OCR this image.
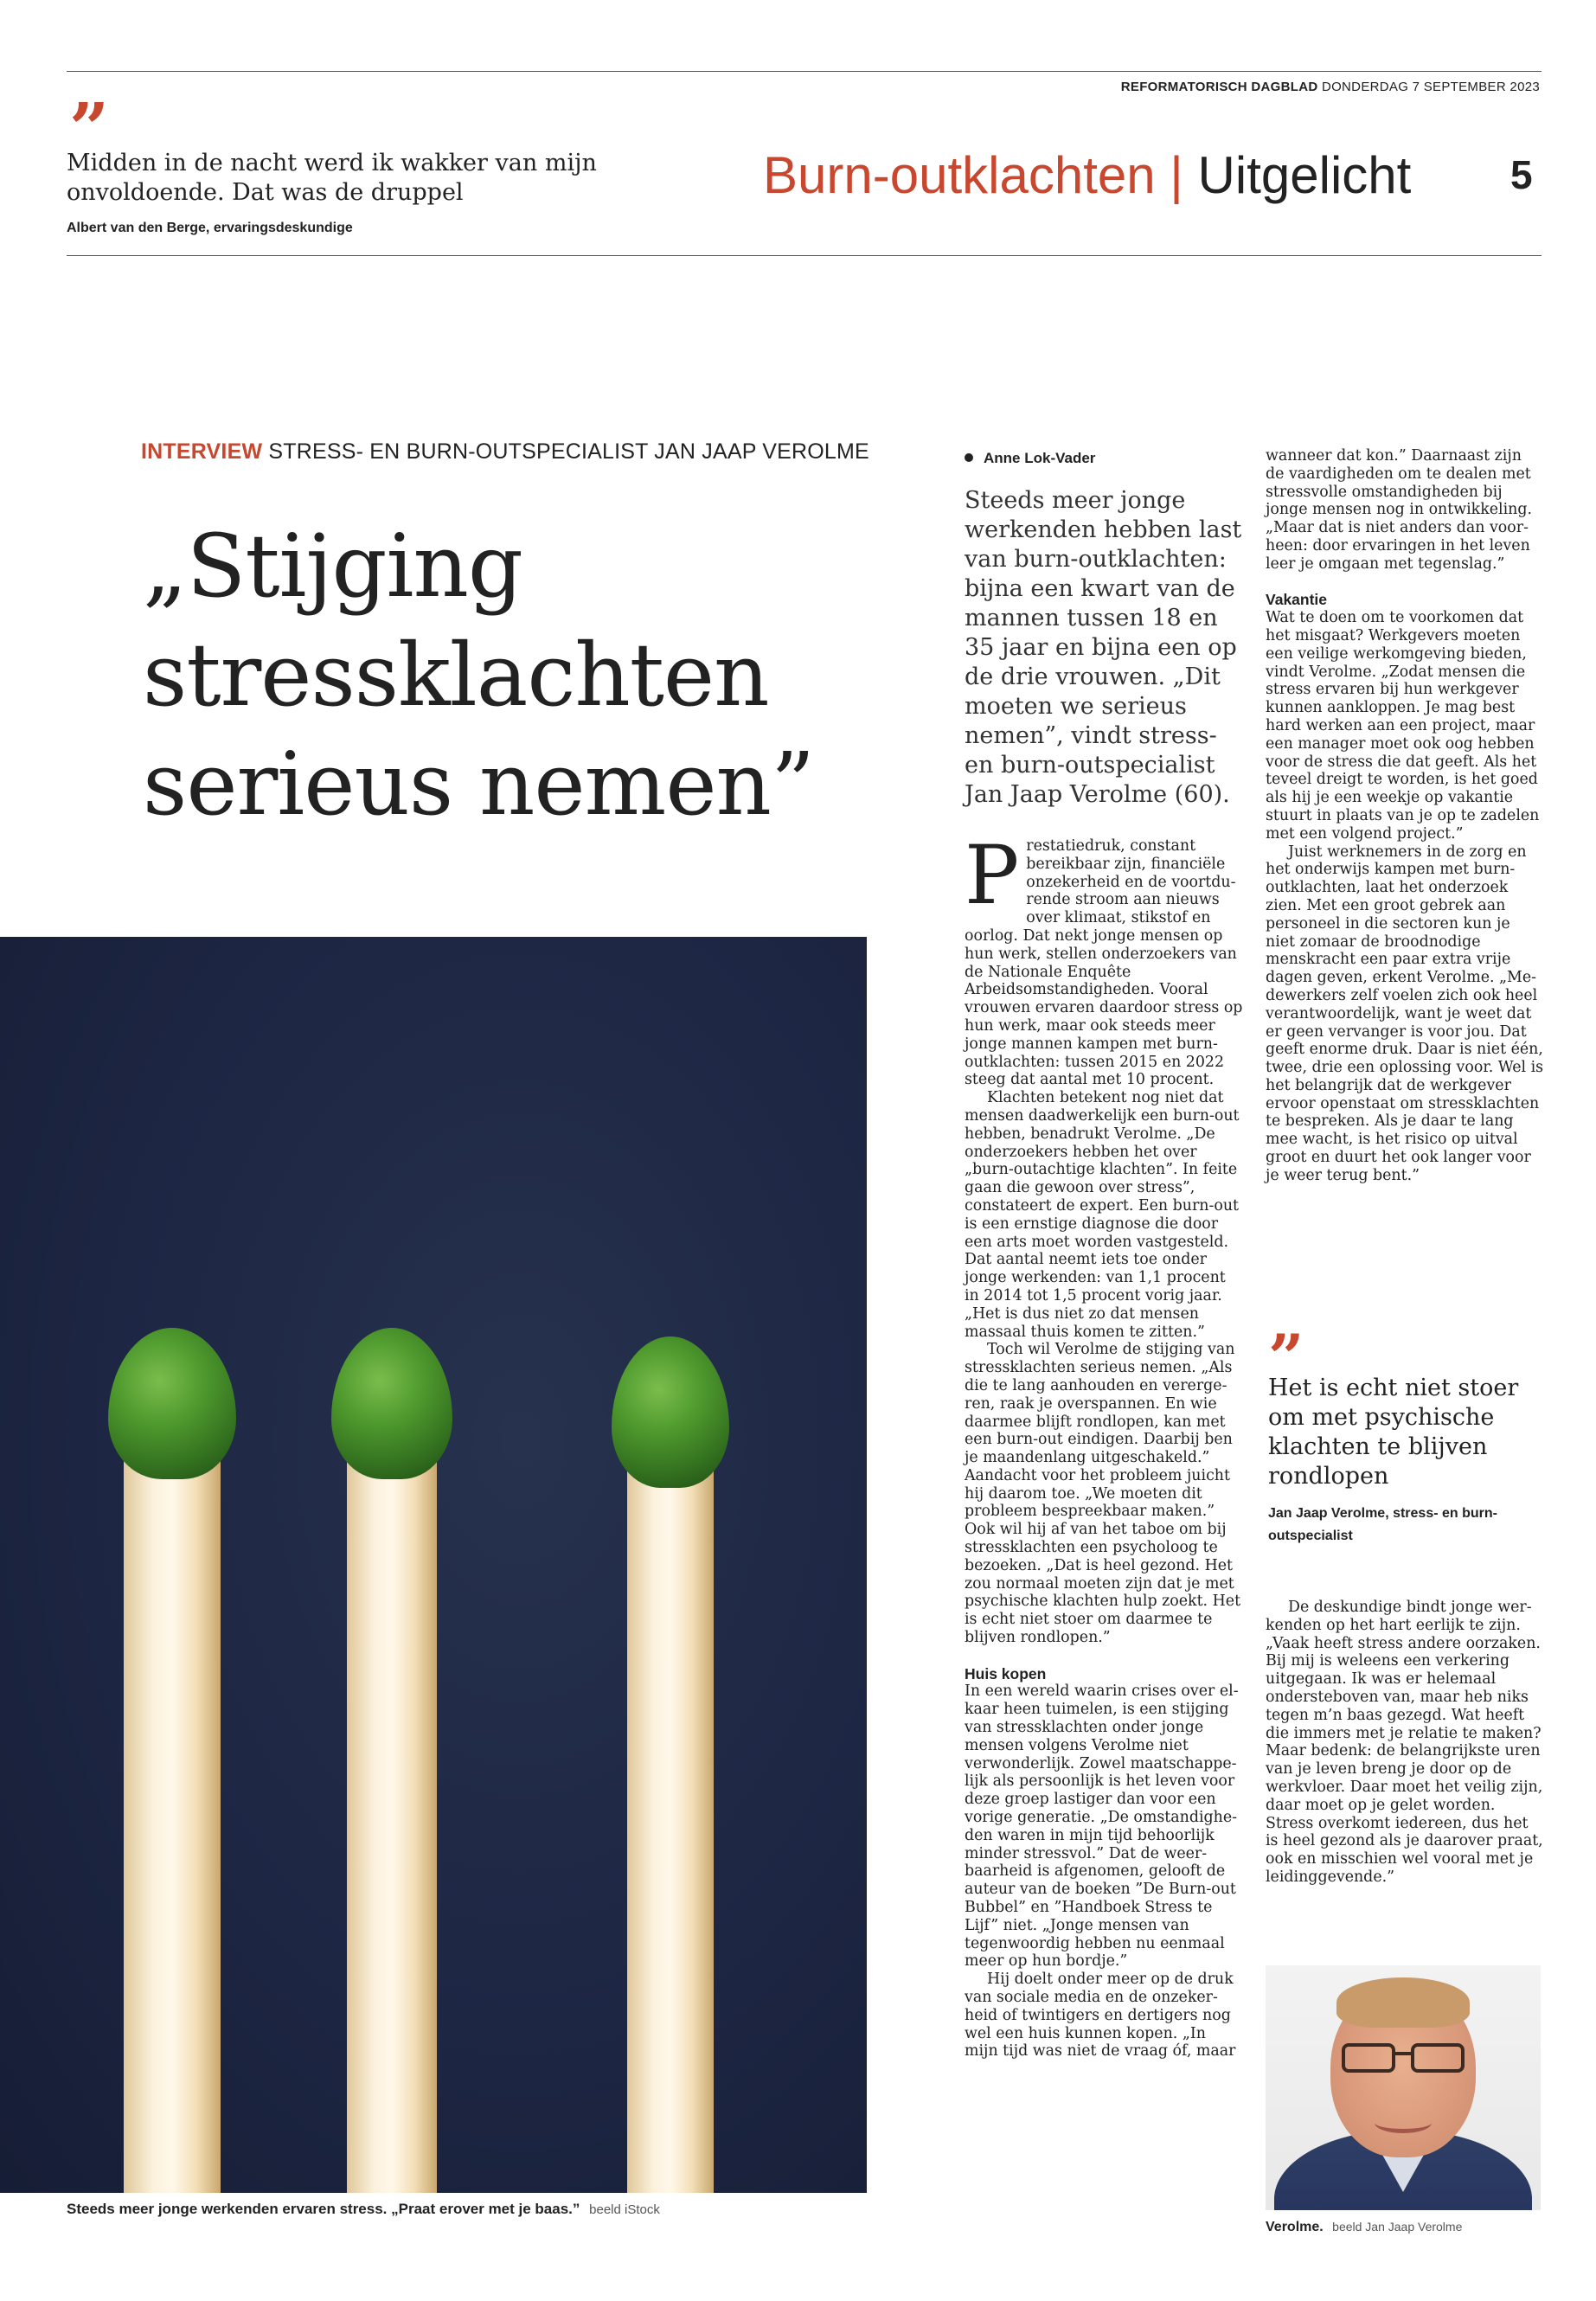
REFORMATORISCH DAGBLAD DONDERDAG 7 SEPTEMBER 2023
”
Midden in de nacht werd ik wakker van mijn onvoldoende. Dat was de druppel
Albert van den Berge, ervaringsdeskundige
Burn-outklachten | Uitgelicht 5
INTERVIEW STRESS- EN BURN-OUTSPECIALIST JAN JAAP VEROLME
„Stijging stressklachten serieus nemen”
Steeds meer jonge werkenden ervaren stress. „Praat erover met je baas.” beeld iStock
Anne Lok-Vader
Steeds meer jonge werkenden hebben last van burn-outklachten: bijna een kwart van de mannen tussen 18 en 35 jaar en bijna een op de drie vrouwen. „Dit moeten we serieus nemen”, vindt stress- en burn-outspecialist Jan Jaap Verolme (60).
P restatiedruk, constant bereikbaar zijn, financiële onzekerheid en de voortdurende stroom aan nieuws over klimaat, stikstof en oorlog. Dat nekt jonge mensen op hun werk, stellen onderzoekers van de Nationale Enquête Arbeidsomstandigheden. Vooral vrouwen ervaren daardoor stress op hun werk, maar ook steeds meer jonge mannen kampen met burn-outklachten: tussen 2015 en 2022 steeg dat aantal met 10 procent.

Klachten betekent nog niet dat mensen daadwerkelijk een burn-out hebben, benadrukt Verolme. „De onderzoekers hebben het over „burn-outachtige klachten”. In feite gaan die gewoon over stress”, constateert de expert. Een burn-out is een ernstige diagnose die door een arts moet worden vastgesteld. Dat aantal neemt iets toe onder jonge werkenden: van 1,1 procent in 2014 tot 1,5 procent vorig jaar. „Het is dus niet zo dat mensen massaal thuis komen te zitten.”

Toch wil Verolme de stijging van stressklachten serieus nemen. „Als die te lang aanhouden en verergeren, raak je overspannen. En wie daarmee blijft rondlopen, kan met een burn-out eindigen. Daarbij ben je maandenlang uitgeschakeld.” Aandacht voor het probleem juicht hij daarom toe. „We moeten dit probleem bespreekbaar maken.” Ook wil hij af van het taboe om bij stressklachten een psycholoog te bezoeken. „Dat is heel gezond. Het zou normaal moeten zijn dat je met psychische klachten hulp zoekt. Het is echt niet stoer om daarmee te blijven rondlopen.”

Huis kopen

In een wereld waarin crises over elkaar heen tuimelen, is een stijging van stressklachten onder jonge mensen volgens Verolme niet verwonderlijk. Zowel maatschappelijk als persoonlijk is het leven voor deze groep lastiger dan voor een vorige generatie. „De omstandigheden waren in mijn tijd behoorlijk minder stressvol.” Dat de weerbaarheid is afgenomen, gelooft de auteur van de boeken ”De Burn-out Bubbel” en ”Handboek Stress te Lijf” niet. „Jonge mensen van tegenwoordig hebben nu eenmaal meer op hun bordje.”

Hij doelt onder meer op de druk van sociale media en de onzekerheid of twintigers en dertigers nog wel een huis kunnen kopen. „In mijn tijd was niet de vraag óf, maar

wanneer dat kon.” Daarnaast zijn de vaardigheden om te dealen met stressvolle omstandigheden bij jonge mensen nog in ontwikkeling. „Maar dat is niet anders dan voorheen: door ervaringen in het leven leer je omgaan met tegenslag.”

Vakantie

Wat te doen om te voorkomen dat het misgaat? Werkgevers moeten een veilige werkomgeving bieden, vindt Verolme. „Zodat mensen die stress ervaren bij hun werkgever kunnen aankloppen. Je mag best hard werken aan een project, maar een manager moet ook oog hebben voor de stress die dat geeft. Als het teveel dreigt te worden, is het goed als hij je een weekje op vakantie stuurt in plaats van je op te zadelen met een volgend project.”

Juist werknemers in de zorg en het onderwijs kampen met burn-outklachten, laat het onderzoek zien. Met een groot gebrek aan personeel in die sectoren kun je niet zomaar de broodnodige menskracht een paar extra vrije dagen geven, erkent Verolme. „Medewerkers zelf voelen zich ook heel verantwoordelijk, want je weet dat er geen vervanger is voor jou. Dat geeft enorme druk. Daar is niet één, twee, drie een oplossing voor. Wel is het belangrijk dat de werkgever ervoor openstaat om stressklachten te bespreken. Als je daar te lang mee wacht, is het risico op uitval groot en duurt het ook langer voor je weer terug bent.”

”
Het is echt niet stoer om met psychische klachten te blijven rondlopen
Jan Jaap Verolme, stress- en burn-outspecialist

De deskundige bindt jonge werkenden op het hart eerlijk te zijn. „Vaak heeft stress andere oorzaken. Bij mij is weleens een verkering uitgegaan. Ik was er helemaal ondersteboven van, maar heb niks tegen m’n baas gezegd. Wat heeft die immers met je relatie te maken? Maar bedenk: de belangrijkste uren van je leven breng je door op de werkvloer. Daar moet het veilig zijn, daar moet op je gelet worden. Stress overkomt iedereen, dus het is heel gezond als je daarover praat, ook en misschien wel vooral met je leidinggevende.”

Verolme. beeld Jan Jaap Verolme
